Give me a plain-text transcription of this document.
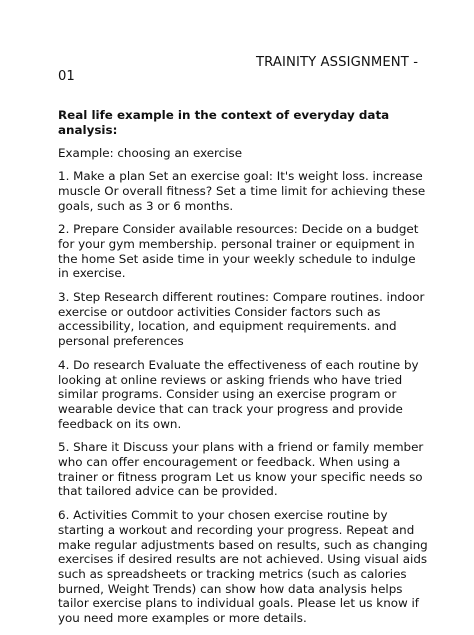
TRAINITY ASSIGNMENT -
01

Real life example in the context of everyday data analysis:

Example: choosing an exercise

1. Make a plan Set an exercise goal: It's weight loss. increase muscle Or overall fitness? Set a time limit for achieving these goals, such as 3 or 6 months.

2. Prepare Consider available resources: Decide on a budget for your gym membership. personal trainer or equipment in the home Set aside time in your weekly schedule to indulge in exercise.

3. Step Research different routines: Compare routines. indoor exercise or outdoor activities Consider factors such as accessibility, location, and equipment requirements. and personal preferences

4. Do research Evaluate the effectiveness of each routine by looking at online reviews or asking friends who have tried similar programs. Consider using an exercise program or wearable device that can track your progress and provide feedback on its own.

5. Share it Discuss your plans with a friend or family member who can offer encouragement or feedback. When using a trainer or fitness program Let us know your specific needs so that tailored advice can be provided.

6. Activities Commit to your chosen exercise routine by starting a workout and recording your progress. Repeat and make regular adjustments based on results, such as changing exercises if desired results are not achieved. Using visual aids such as spreadsheets or tracking metrics (such as calories burned, Weight Trends) can show how data analysis helps tailor exercise plans to individual goals. Please let us know if you need more examples or more details.
